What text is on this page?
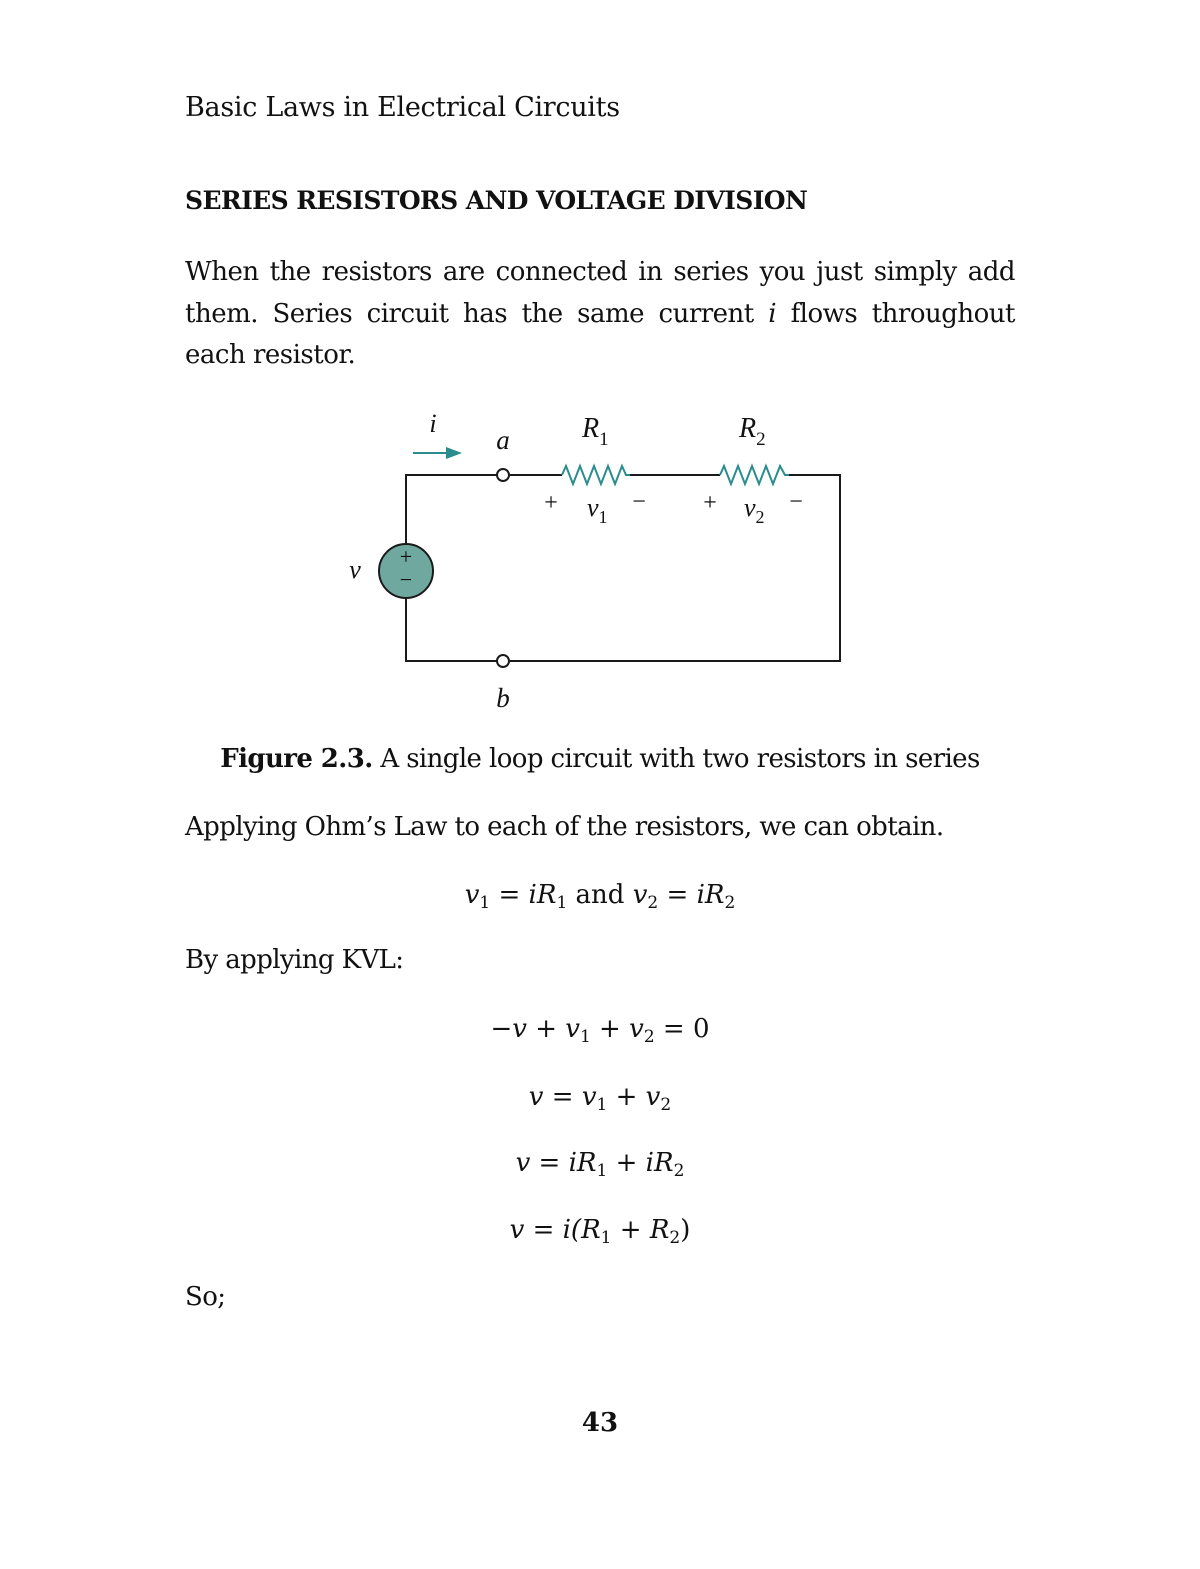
Basic Laws in Electrical Circuits
SERIES RESISTORS AND VOLTAGE DIVISION
When the resistors are connected in series you just simply add them. Series circuit has the same current i flows throughout each resistor.
+
−
v
i
a
b
$R_1$	$R_2$
+ $v_1$
− + $v_2$
−
Figure 2.3. A single loop circuit with two resistors in series
Applying Ohm’s Law to each of the resistors, we can obtain.
$v_1 = iR_1$ and $v_2 = iR_2$
By applying KVL:
$-v + v_1 + v_2 = 0$
$v = v_1 + v_2$
$v = iR_1 + iR_2$
$v = i(R_1 + R_2)$
So;
43
